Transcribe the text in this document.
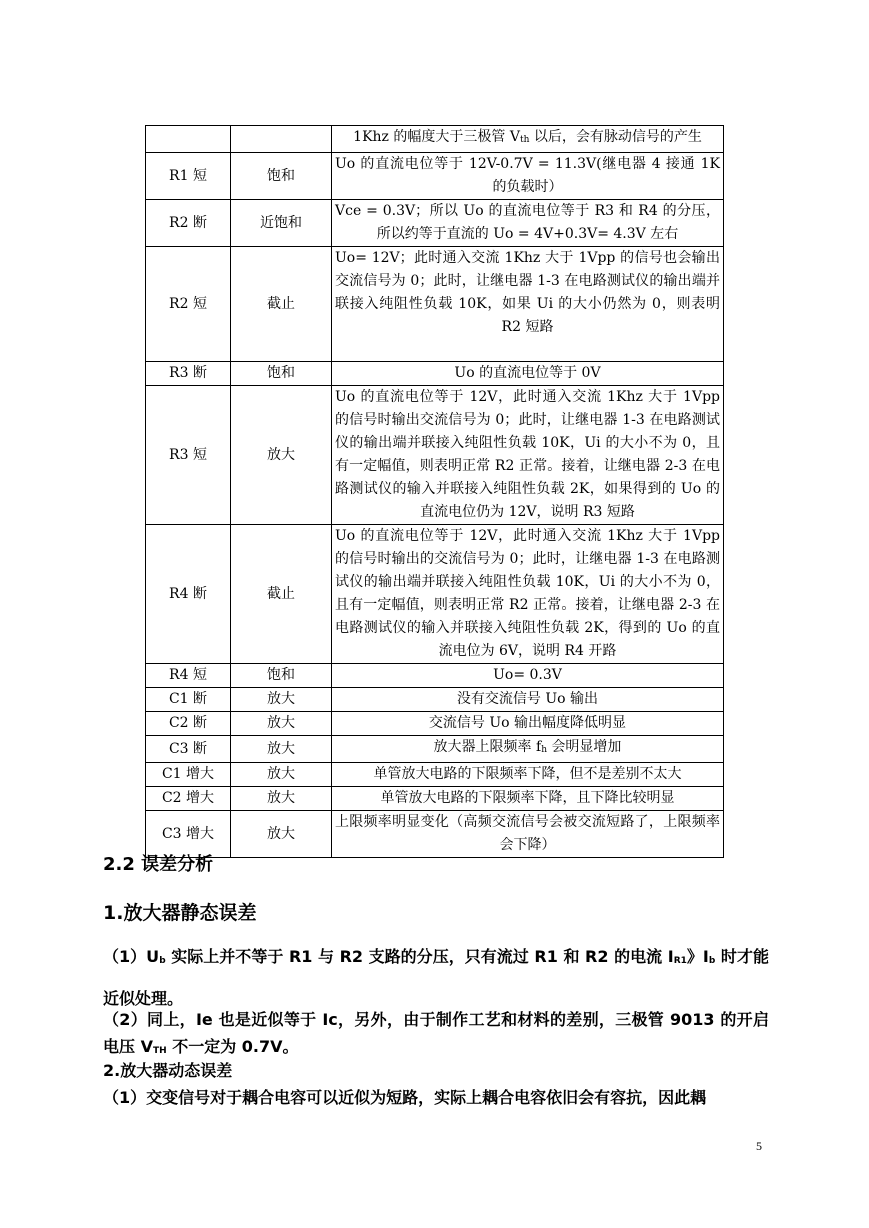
		1Khz 的幅度大于三极管 $V_{th}$ 以后，会有脉动信号的产生
R1 短	饱和	Uo 的直流电位等于 12V-0.7V = 11.3V(继电器 4 接通 1K 的负载时）
R2 断	近饱和	Vce = 0.3V；所以 Uo 的直流电位等于 R3 和 R4 的分压，所以约等于直流的 Uo = 4V+0.3V= 4.3V 左右
R2 短	截止	Uo= 12V；此时通入交流 1Khz 大于 1Vpp 的信号也会输出交流信号为 0；此时，让继电器 1-3 在电路测试仪的输出端并联接入纯阻性负载 10K，如果 Ui 的大小仍然为 0，则表明 R2 短路
R3 断	饱和	Uo 的直流电位等于 0V
R3 短	放大	Uo 的直流电位等于 12V，此时通入交流 1Khz 大于 1Vpp 的信号时输出交流信号为 0；此时，让继电器 1-3 在电路测试仪的输出端并联接入纯阻性负载 10K，Ui 的大小不为 0，且有一定幅值，则表明正常 R2 正常。接着，让继电器 2-3 在电路测试仪的输入并联接入纯阻性负载 2K，如果得到的 Uo 的直流电位仍为 12V，说明 R3 短路
R4 断	截止	Uo 的直流电位等于 12V，此时通入交流 1Khz 大于 1Vpp 的信号时输出的交流信号为 0；此时，让继电器 1-3 在电路测试仪的输出端并联接入纯阻性负载 10K，Ui 的大小不为 0，且有一定幅值，则表明正常 R2 正常。接着，让继电器 2-3 在电路测试仪的输入并联接入纯阻性负载 2K，得到的 Uo 的直流电位为 6V，说明 R4 开路
R4 短	饱和	Uo= 0.3V
C1 断	放大	没有交流信号 Uo 输出
C2 断	放大	交流信号 Uo 输出幅度降低明显
C3 断	放大	放大器上限频率 $f_h$ 会明显增加
C1 增大	放大	单管放大电路的下限频率下降，但不是差别不太大
C2 增大	放大	单管放大电路的下限频率下降，且下降比较明显
C3 增大	放大	上限频率明显变化（高频交流信号会被交流短路了，上限频率会下降）
2.2 误差分析
1.放大器静态误差
$(1)U_b$ 实际上并不等于 R1 与 R2 支路的分压，只有流过 R1 和 R2 的电流 $I_{R1}$》$I_b$ 时才能近似处理。
（2）同上，Ie 也是近似等于 Ic，另外，由于制作工艺和材料的差别，三极管 9013 的开启电压 $V_{TH}$ 不一定为 0.7V。
2.放大器动态误差
（1）交变信号对于耦合电容可以近似为短路，实际上耦合电容依旧会有容抗，因此耦
5
